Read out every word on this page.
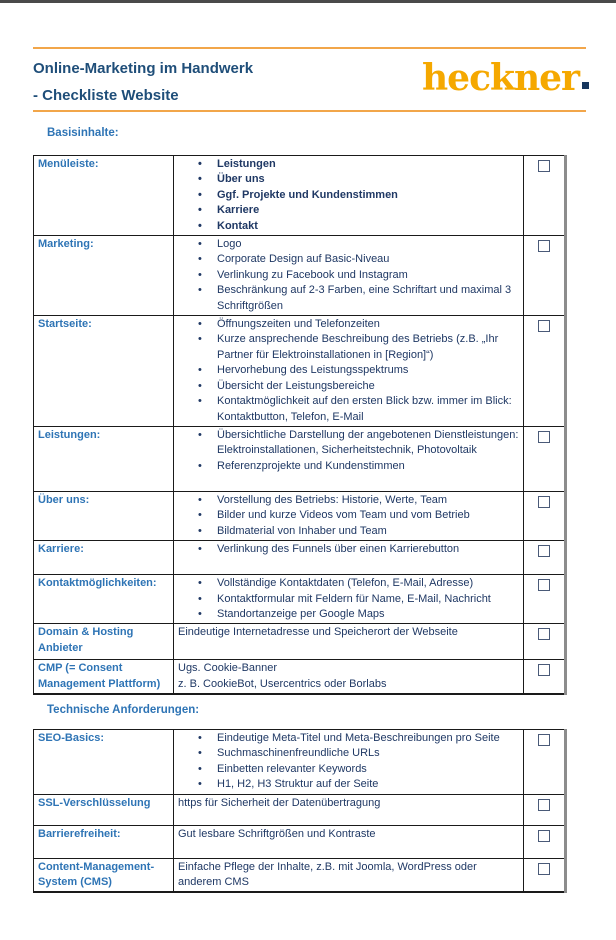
Online-Marketing im Handwerk
- Checkliste Website	heckner
Basisinhalte:
Menüleiste:	
•Leistungen
• Über uns
• Ggf. Projekte und Kundenstimmen
• Karriere
• Kontakt

Marketing:	
•Logo
• Corporate Design auf Basic-Niveau
• Verlinkung zu Facebook und Instagram
• Beschränkung auf 2-3 Farben, eine Schriftart und maximal 3 Schriftgrößen

Startseite:	
•Öffnungszeiten und Telefonzeiten
• Kurze ansprechende Beschreibung des Betriebs (z.B. „Ihr Partner für Elektroinstallationen in [Region]“)
• Hervorhebung des Leistungsspektrums
• Übersicht der Leistungsbereiche
• Kontaktmöglichkeit auf den ersten Blick bzw. immer im Blick: Kontaktbutton, Telefon, E-Mail

Leistungen:	
•Übersichtliche Darstellung der angebotenen Dienstleistungen: Elektroinstallationen, Sicherheitstechnik, Photovoltaik
• Referenzprojekte und Kundenstimmen

Über uns:	
•Vorstellung des Betriebs: Historie, Werte, Team
• Bilder und kurze Videos vom Team und vom Betrieb
• Bildmaterial von Inhaber und Team

Karriere:	
•Verlinkung des Funnels über einen Karrierebutton

Kontaktmöglichkeiten:	
•Vollständige Kontaktdaten (Telefon, E-Mail, Adresse)
• Kontaktformular mit Feldern für Name, E-Mail, Nachricht
• Standortanzeige per Google Maps

Domain & Hosting Anbieter	Eindeutige Internetadresse und Speicherort der Webseite	

CMP (= Consent Management Plattform)	Ugs. Cookie-Banner
z. B. CookieBot, Usercentrics oder Borlabs	

Technische Anforderungen:
SEO-Basics:	
•Eindeutige Meta-Titel und Meta-Beschreibungen pro Seite
• Suchmaschinenfreundliche URLs
• Einbetten relevanter Keywords
• H1, H2, H3 Struktur auf der Seite

SSL-Verschlüsselung	https für Sicherheit der Datenübertragung	

Barrierefreiheit:	Gut lesbare Schriftgrößen und Kontraste	

Content-Management-System (CMS)	Einfache Pflege der Inhalte, z.B. mit Joomla, WordPress oder anderem CMS	
